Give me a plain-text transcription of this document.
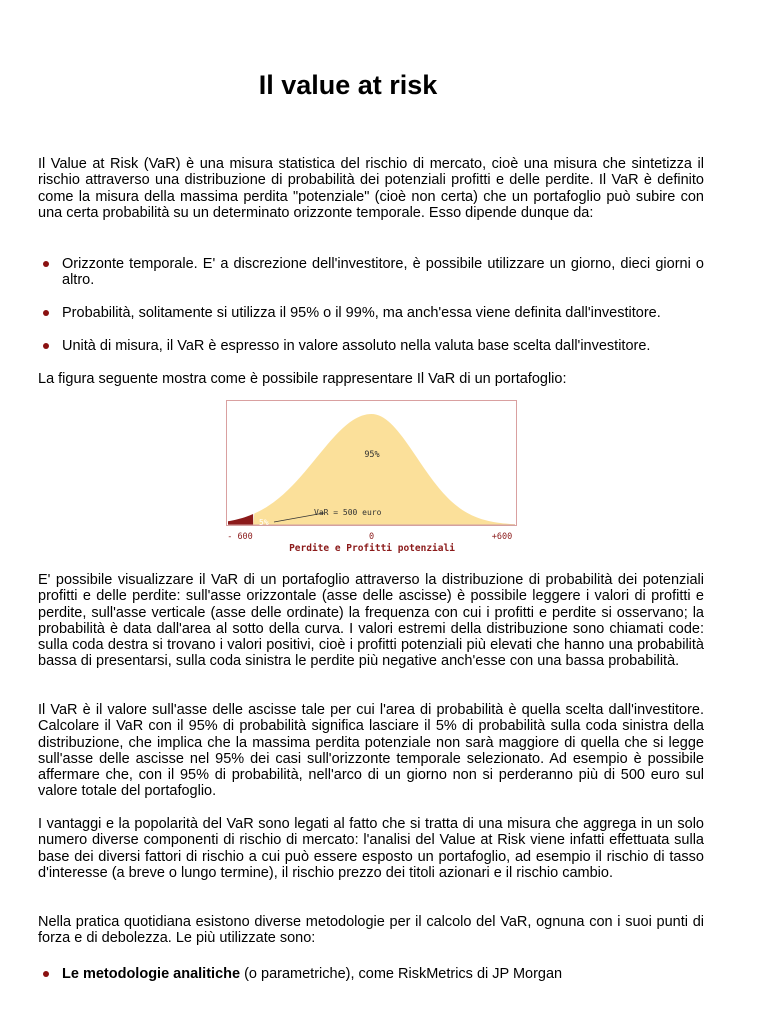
Il value at risk

Il Value at Risk (VaR) è una misura statistica del rischio di mercato, cioè una misura che sintetizza il rischio attraverso una distribuzione di probabilità dei potenziali profitti e delle perdite. Il VaR è definito come la misura della massima perdita "potenziale" (cioè non certa) che un portafoglio può subire con una certa probabilità su un determinato orizzonte temporale. Esso dipende dunque da:

Orizzonte temporale. E' a discrezione dell'investitore, è possibile utilizzare un giorno, dieci giorni o altro.
Probabilità, solitamente si utilizza il 95% o il 99%, ma anch'essa viene definita dall'investitore.
Unità di misura, il VaR è espresso in valore assoluto nella valuta base scelta dall'investitore.

La figura seguente mostra come è possibile rappresentare Il VaR di un portafoglio:

95%
5%
VaR = 500 euro
- 600	0	+600
Perdite e Profitti potenziali

E' possibile visualizzare il VaR di un portafoglio attraverso la distribuzione di probabilità dei potenziali profitti e delle perdite: sull'asse orizzontale (asse delle ascisse) è possibile leggere i valori di profitti e perdite, sull'asse verticale (asse delle ordinate) la frequenza con cui i profitti e perdite si osservano; la probabilità è data dall'area al sotto della curva. I valori estremi della distribuzione sono chiamati code: sulla coda destra si trovano i valori positivi, cioè i profitti potenziali più elevati che hanno una probabilità bassa di presentarsi, sulla coda sinistra le perdite più negative anch'esse con una bassa probabilità.

Il VaR è il valore sull'asse delle ascisse tale per cui l'area di probabilità è quella scelta dall'investitore. Calcolare il VaR con il 95% di probabilità significa lasciare il 5% di probabilità sulla coda sinistra della distribuzione, che implica che la massima perdita potenziale non sarà maggiore di quella che si legge sull'asse delle ascisse nel 95% dei casi sull'orizzonte temporale selezionato. Ad esempio è possibile affermare che, con il 95% di probabilità, nell'arco di un giorno non si perderanno più di 500 euro sul valore totale del portafoglio.

I vantaggi e la popolarità del VaR sono legati al fatto che si tratta di una misura che aggrega in un solo numero diverse componenti di rischio di mercato: l'analisi del Value at Risk viene infatti effettuata sulla base dei diversi fattori di rischio a cui può essere esposto un portafoglio, ad esempio il rischio di tasso d'interesse (a breve o lungo termine), il rischio prezzo dei titoli azionari e il rischio cambio.

Nella pratica quotidiana esistono diverse metodologie per il calcolo del VaR, ognuna con i suoi punti di forza e di debolezza. Le più utilizzate sono:

Le metodologie analitiche (o parametriche), come RiskMetrics di JP Morgan
